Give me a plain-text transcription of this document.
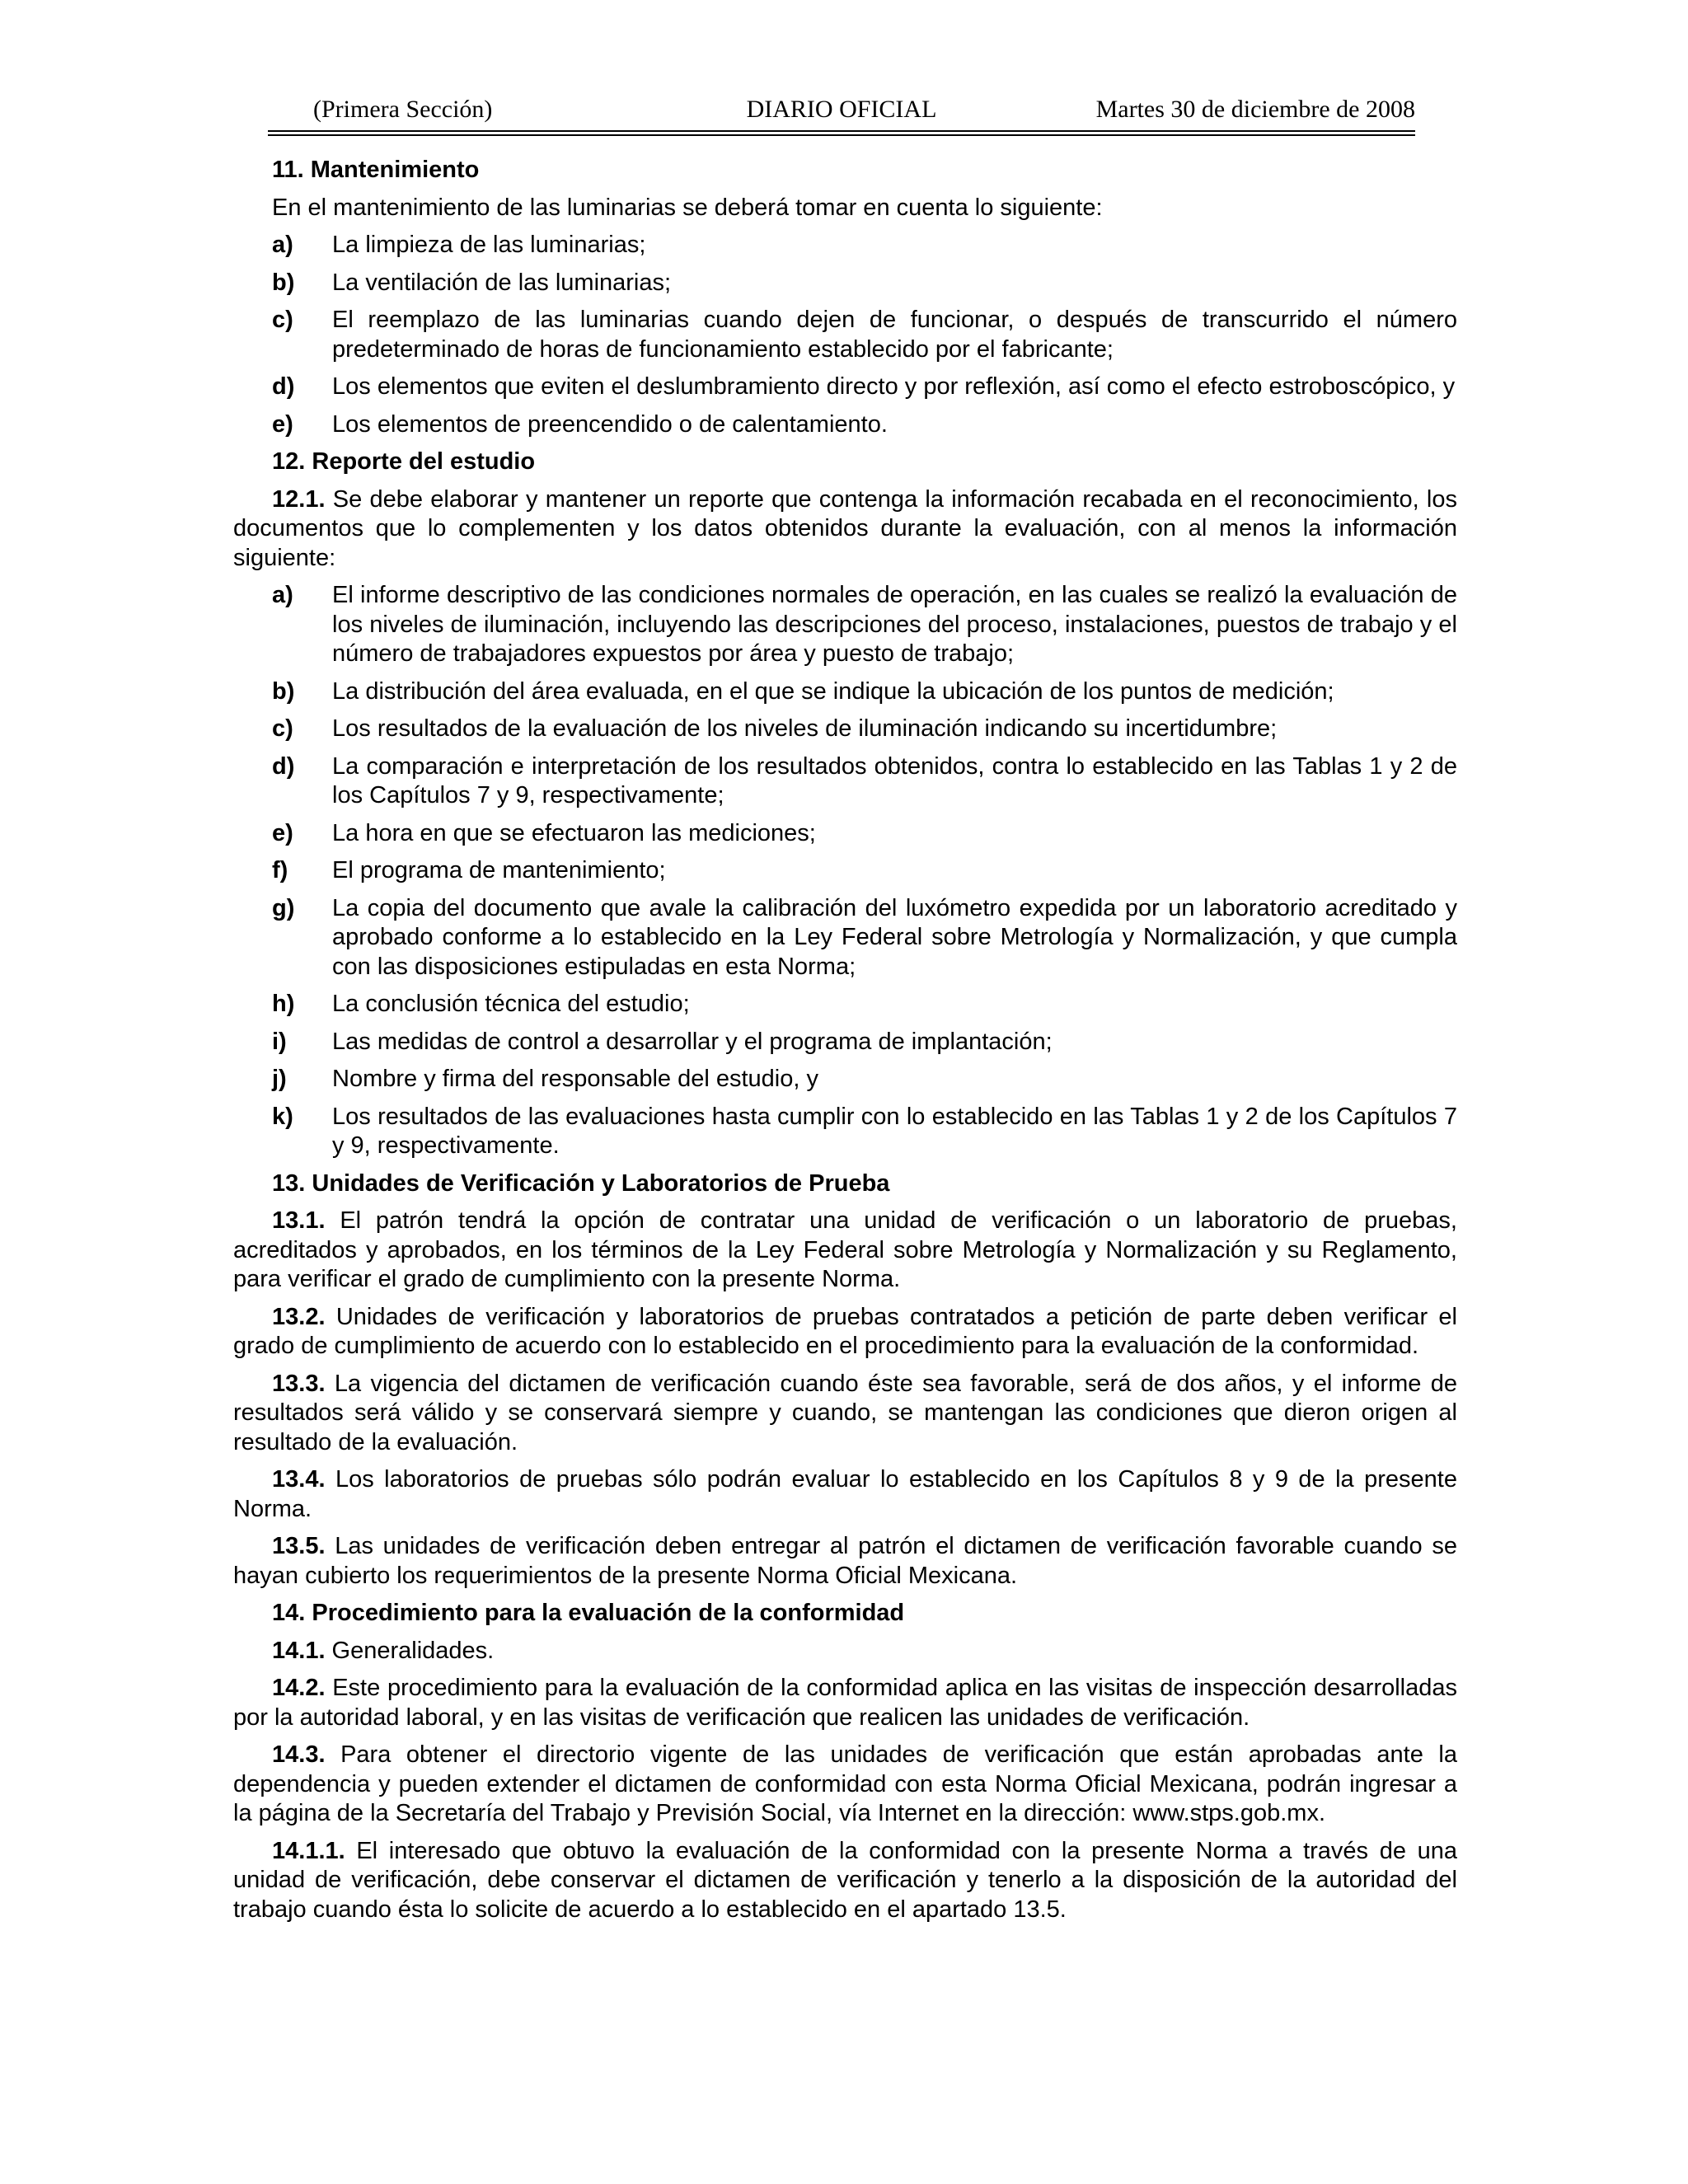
(Primera Sección)	DIARIO OFICIAL	Martes 30 de diciembre de 2008
11. Mantenimiento
En el mantenimiento de las luminarias se deberá tomar en cuenta lo siguiente:
a) La limpieza de las luminarias;
b) La ventilación de las luminarias;
c) El reemplazo de las luminarias cuando dejen de funcionar, o después de transcurrido el número predeterminado de horas de funcionamiento establecido por el fabricante;
d) Los elementos que eviten el deslumbramiento directo y por reflexión, así como el efecto estroboscópico, y
e) Los elementos de preencendido o de calentamiento.
12. Reporte del estudio
12.1. Se debe elaborar y mantener un reporte que contenga la información recabada en el reconocimiento, los documentos que lo complementen y los datos obtenidos durante la evaluación, con al menos la información siguiente:
a) El informe descriptivo de las condiciones normales de operación, en las cuales se realizó la evaluación de los niveles de iluminación, incluyendo las descripciones del proceso, instalaciones, puestos de trabajo y el número de trabajadores expuestos por área y puesto de trabajo;
b) La distribución del área evaluada, en el que se indique la ubicación de los puntos de medición;
c) Los resultados de la evaluación de los niveles de iluminación indicando su incertidumbre;
d) La comparación e interpretación de los resultados obtenidos, contra lo establecido en las Tablas 1 y 2 de los Capítulos 7 y 9, respectivamente;
e) La hora en que se efectuaron las mediciones;
f) El programa de mantenimiento;
g) La copia del documento que avale la calibración del luxómetro expedida por un laboratorio acreditado y aprobado conforme a lo establecido en la Ley Federal sobre Metrología y Normalización, y que cumpla con las disposiciones estipuladas en esta Norma;
h) La conclusión técnica del estudio;
i) Las medidas de control a desarrollar y el programa de implantación;
j) Nombre y firma del responsable del estudio, y
k) Los resultados de las evaluaciones hasta cumplir con lo establecido en las Tablas 1 y 2 de los Capítulos 7 y 9, respectivamente.
13. Unidades de Verificación y Laboratorios de Prueba
13.1. El patrón tendrá la opción de contratar una unidad de verificación o un laboratorio de pruebas, acreditados y aprobados, en los términos de la Ley Federal sobre Metrología y Normalización y su Reglamento, para verificar el grado de cumplimiento con la presente Norma.
13.2. Unidades de verificación y laboratorios de pruebas contratados a petición de parte deben verificar el grado de cumplimiento de acuerdo con lo establecido en el procedimiento para la evaluación de la conformidad.
13.3. La vigencia del dictamen de verificación cuando éste sea favorable, será de dos años, y el informe de resultados será válido y se conservará siempre y cuando, se mantengan las condiciones que dieron origen al resultado de la evaluación.
13.4. Los laboratorios de pruebas sólo podrán evaluar lo establecido en los Capítulos 8 y 9 de la presente Norma.
13.5. Las unidades de verificación deben entregar al patrón el dictamen de verificación favorable cuando se hayan cubierto los requerimientos de la presente Norma Oficial Mexicana.
14. Procedimiento para la evaluación de la conformidad
14.1. Generalidades.
14.2. Este procedimiento para la evaluación de la conformidad aplica en las visitas de inspección desarrolladas por la autoridad laboral, y en las visitas de verificación que realicen las unidades de verificación.
14.3. Para obtener el directorio vigente de las unidades de verificación que están aprobadas ante la dependencia y pueden extender el dictamen de conformidad con esta Norma Oficial Mexicana, podrán ingresar a la página de la Secretaría del Trabajo y Previsión Social, vía Internet en la dirección: www.stps.gob.mx.
14.1.1. El interesado que obtuvo la evaluación de la conformidad con la presente Norma a través de una unidad de verificación, debe conservar el dictamen de verificación y tenerlo a la disposición de la autoridad del trabajo cuando ésta lo solicite de acuerdo a lo establecido en el apartado 13.5.
